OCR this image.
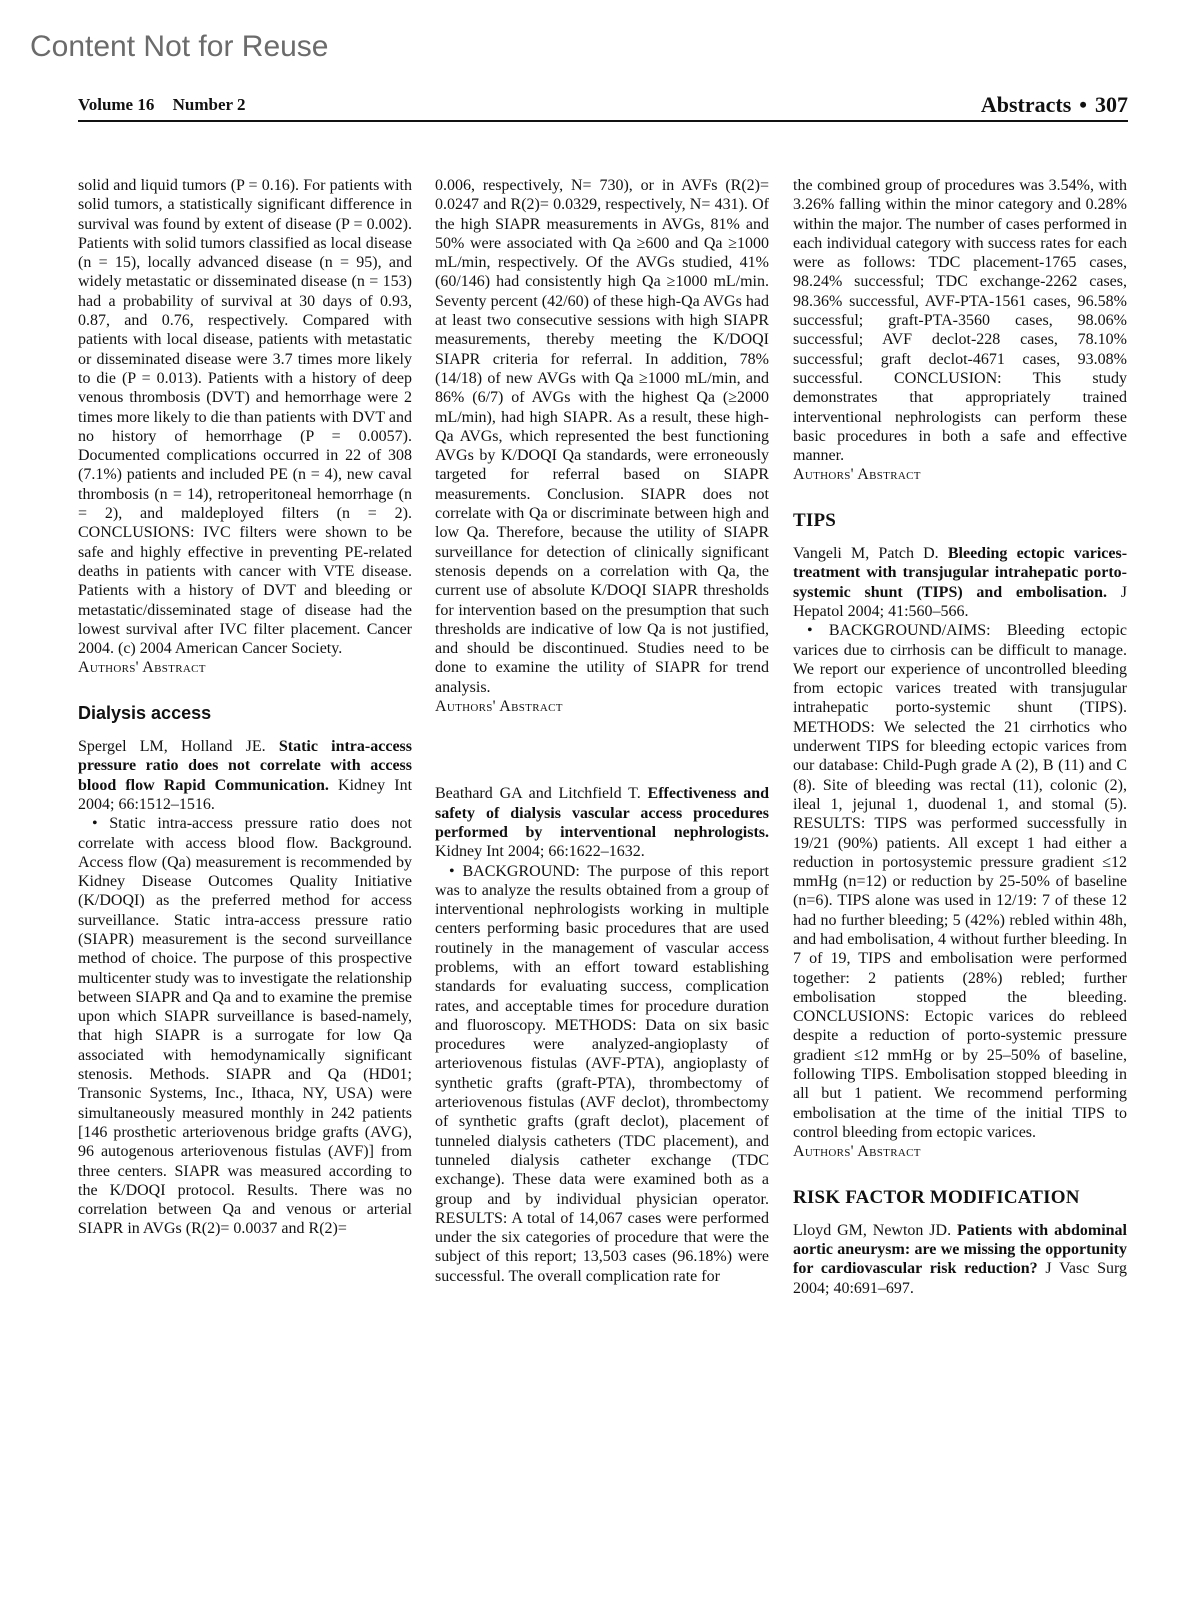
Content Not for Reuse
Volume 16 Number 2	Abstracts • 307

solid and liquid tumors (P = 0.16). For patients with solid tumors, a statistically significant difference in survival was found by extent of disease (P = 0.002). Patients with solid tumors classified as local disease (n = 15), locally advanced disease (n = 95), and widely metastatic or disseminated disease (n = 153) had a probability of survival at 30 days of 0.93, 0.87, and 0.76, respectively. Compared with patients with local disease, patients with metastatic or disseminated disease were 3.7 times more likely to die (P = 0.013). Patients with a history of deep venous thrombosis (DVT) and hemorrhage were 2 times more likely to die than patients with DVT and no history of hemorrhage (P = 0.0057). Documented complications occurred in 22 of 308 (7.1%) patients and included PE (n = 4), new caval thrombosis (n = 14), retroperitoneal hemorrhage (n = 2), and maldeployed filters (n = 2). CONCLUSIONS: IVC filters were shown to be safe and highly effective in preventing PE-related deaths in patients with cancer with VTE disease. Patients with a history of DVT and bleeding or metastatic/disseminated stage of disease had the lowest survival after IVC filter placement. Cancer 2004. (c) 2004 American Cancer Society.

Authors' Abstract

Dialysis access

Spergel LM, Holland JE. Static intra-access pressure ratio does not correlate with access blood flow Rapid Communication. Kidney Int 2004; 66:1512–1516.

• Static intra-access pressure ratio does not correlate with access blood flow. Background. Access flow (Qa) measurement is recommended by Kidney Disease Outcomes Quality Initiative (K/DOQI) as the preferred method for access surveillance. Static intra-access pressure ratio (SIAPR) measurement is the second surveillance method of choice. The purpose of this prospective multicenter study was to investigate the relationship between SIAPR and Qa and to examine the premise upon which SIAPR surveillance is based-namely, that high SIAPR is a surrogate for low Qa associated with hemodynamically significant stenosis. Methods. SIAPR and Qa (HD01; Transonic Systems, Inc., Ithaca, NY, USA) were simultaneously measured monthly in 242 patients [146 prosthetic arteriovenous bridge grafts (AVG), 96 autogenous arteriovenous fistulas (AVF)] from three centers. SIAPR was measured according to the K/DOQI protocol. Results. There was no correlation between Qa and venous or arterial SIAPR in AVGs (R(2)= 0.0037 and R(2)=

0.006, respectively, N= 730), or in AVFs (R(2)= 0.0247 and R(2)= 0.0329, respectively, N= 431). Of the high SIAPR measurements in AVGs, 81% and 50% were associated with Qa ≥600 and Qa ≥1000 mL/min, respectively. Of the AVGs studied, 41% (60/146) had consistently high Qa ≥1000 mL/min. Seventy percent (42/60) of these high-Qa AVGs had at least two consecutive sessions with high SIAPR measurements, thereby meeting the K/DOQI SIAPR criteria for referral. In addition, 78% (14/18) of new AVGs with Qa ≥1000 mL/min, and 86% (6/7) of AVGs with the highest Qa (≥2000 mL/min), had high SIAPR. As a result, these high-Qa AVGs, which represented the best functioning AVGs by K/DOQI Qa standards, were erroneously targeted for referral based on SIAPR measurements. Conclusion. SIAPR does not correlate with Qa or discriminate between high and low Qa. Therefore, because the utility of SIAPR surveillance for detection of clinically significant stenosis depends on a correlation with Qa, the current use of absolute K/DOQI SIAPR thresholds for intervention based on the presumption that such thresholds are indicative of low Qa is not justified, and should be discontinued. Studies need to be done to examine the utility of SIAPR for trend analysis.

Authors' Abstract

Beathard GA and Litchfield T. Effectiveness and safety of dialysis vascular access procedures performed by interventional nephrologists. Kidney Int 2004; 66:1622–1632.

• BACKGROUND: The purpose of this report was to analyze the results obtained from a group of interventional nephrologists working in multiple centers performing basic procedures that are used routinely in the management of vascular access problems, with an effort toward establishing standards for evaluating success, complication rates, and acceptable times for procedure duration and fluoroscopy. METHODS: Data on six basic procedures were analyzed-angioplasty of arteriovenous fistulas (AVF-PTA), angioplasty of synthetic grafts (graft-PTA), thrombectomy of arteriovenous fistulas (AVF declot), thrombectomy of synthetic grafts (graft declot), placement of tunneled dialysis catheters (TDC placement), and tunneled dialysis catheter exchange (TDC exchange). These data were examined both as a group and by individual physician operator. RESULTS: A total of 14,067 cases were performed under the six categories of procedure that were the subject of this report; 13,503 cases (96.18%) were successful. The overall complication rate for

the combined group of procedures was 3.54%, with 3.26% falling within the minor category and 0.28% within the major. The number of cases performed in each individual category with success rates for each were as follows: TDC placement-1765 cases, 98.24% successful; TDC exchange-2262 cases, 98.36% successful, AVF-PTA-1561 cases, 96.58% successful; graft-PTA-3560 cases, 98.06% successful; AVF declot-228 cases, 78.10% successful; graft declot-4671 cases, 93.08% successful. CONCLUSION: This study demonstrates that appropriately trained interventional nephrologists can perform these basic procedures in both a safe and effective manner.

Authors' Abstract

TIPS

Vangeli M, Patch D. Bleeding ectopic varices-treatment with transjugular intrahepatic porto-systemic shunt (TIPS) and embolisation. J Hepatol 2004; 41:560–566.

• BACKGROUND/AIMS: Bleeding ectopic varices due to cirrhosis can be difficult to manage. We report our experience of uncontrolled bleeding from ectopic varices treated with transjugular intrahepatic porto-systemic shunt (TIPS). METHODS: We selected the 21 cirrhotics who underwent TIPS for bleeding ectopic varices from our database: Child-Pugh grade A (2), B (11) and C (8). Site of bleeding was rectal (11), colonic (2), ileal 1, jejunal 1, duodenal 1, and stomal (5). RESULTS: TIPS was performed successfully in 19/21 (90%) patients. All except 1 had either a reduction in portosystemic pressure gradient ≤12 mmHg (n=12) or reduction by 25-50% of baseline (n=6). TIPS alone was used in 12/19: 7 of these 12 had no further bleeding; 5 (42%) rebled within 48h, and had embolisation, 4 without further bleeding. In 7 of 19, TIPS and embolisation were performed together: 2 patients (28%) rebled; further embolisation stopped the bleeding. CONCLUSIONS: Ectopic varices do rebleed despite a reduction of porto-systemic pressure gradient ≤12 mmHg or by 25–50% of baseline, following TIPS. Embolisation stopped bleeding in all but 1 patient. We recommend performing embolisation at the time of the initial TIPS to control bleeding from ectopic varices.

Authors' Abstract

RISK FACTOR MODIFICATION

Lloyd GM, Newton JD. Patients with abdominal aortic aneurysm: are we missing the opportunity for cardiovascular risk reduction? J Vasc Surg 2004; 40:691–697.
